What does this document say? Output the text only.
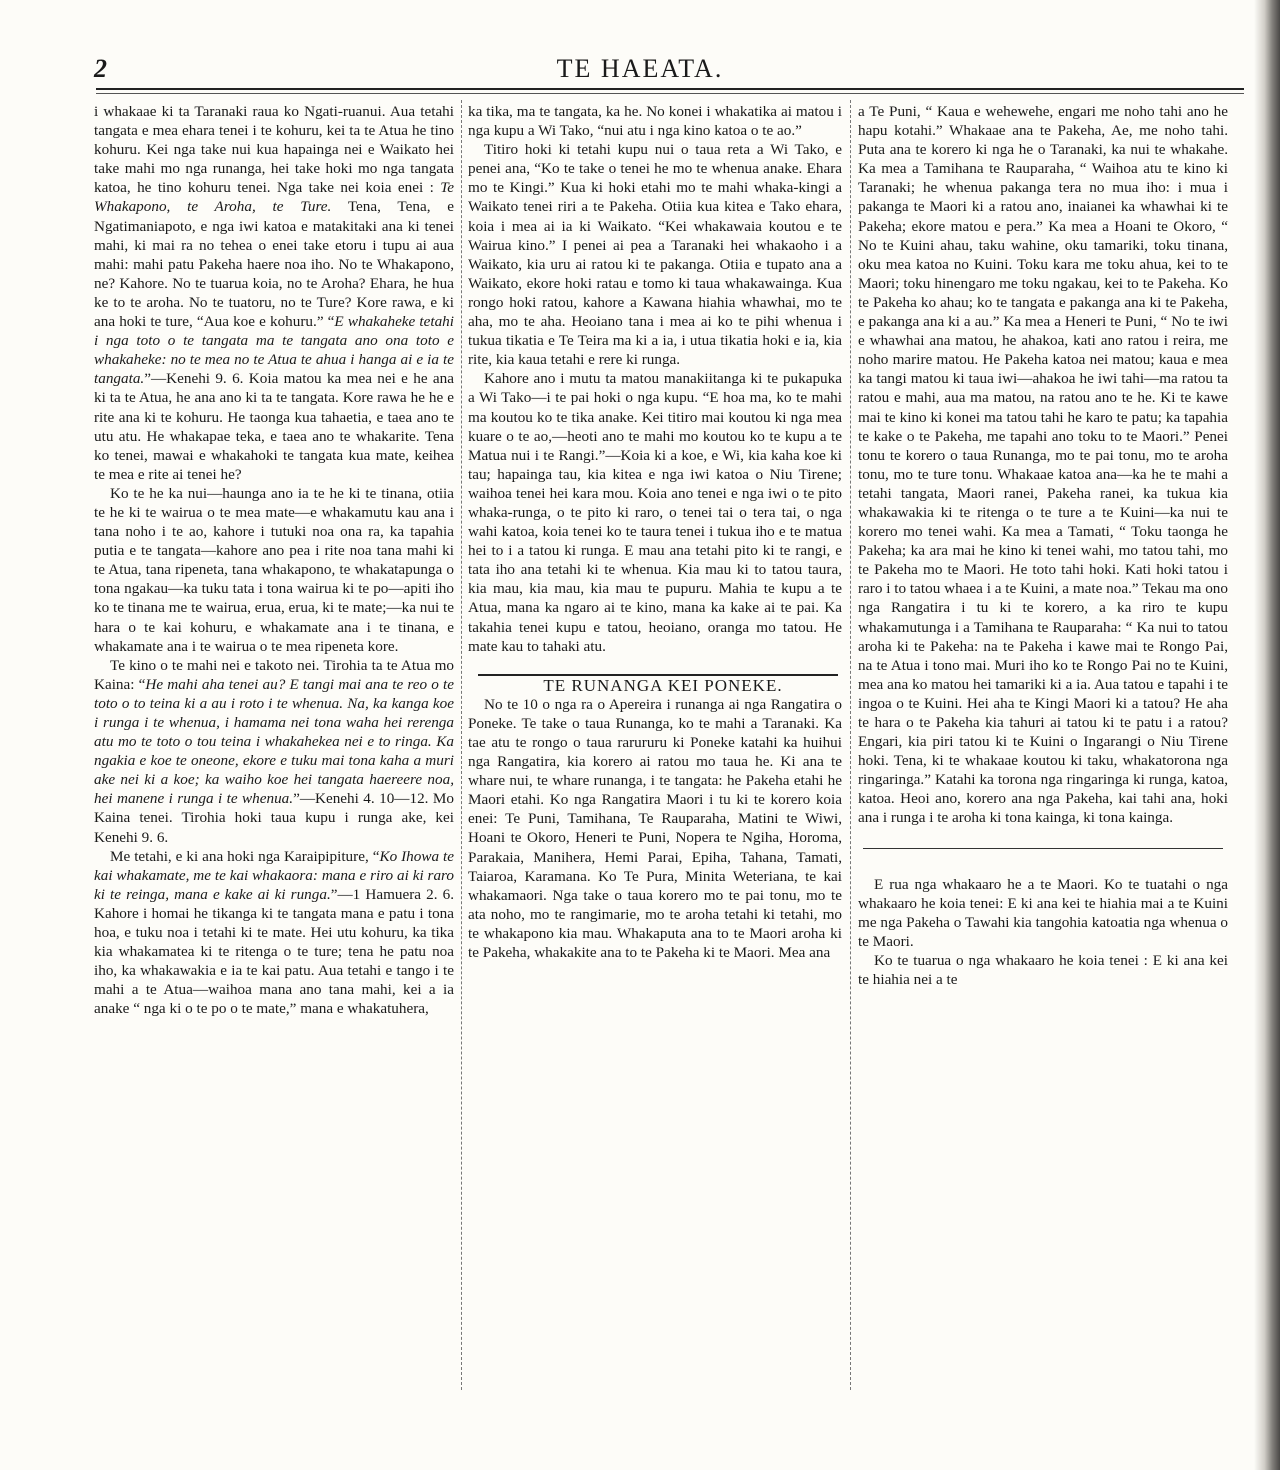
2	TE HAEATA.

i whakaae ki ta Taranaki raua ko Ngati-ruanui. Aua tetahi tangata e mea ehara tenei i te kohuru, kei ta te Atua he tino kohuru. Kei nga take nui kua hapainga nei e Waikato hei take mahi mo nga runanga, hei take hoki mo nga tangata katoa, he tino kohuru tenei. Nga take nei koia enei : Te Whakapono, te Aroha, te Ture. Tena, Tena, e Ngatimaniapoto, e nga iwi katoa e matakitaki ana ki tenei mahi, ki mai ra no tehea o enei take etoru i tupu ai aua mahi: mahi patu Pakeha haere noa iho. No te Whakapono, ne? Kahore. No te tuarua koia, no te Aroha? Ehara, he hua ke to te aroha. No te tuatoru, no te Ture? Kore rawa, e ki ana hoki te ture, “Aua koe e kohuru.” “E whakaheke tetahi i nga toto o te tangata ma te tangata ano ona toto e whakaheke: no te mea no te Atua te ahua i hanga ai e ia te tangata.”—Kenehi 9. 6. Koia matou ka mea nei e he ana ki ta te Atua, he ana ano ki ta te tangata. Kore rawa he he e rite ana ki te kohuru. He taonga kua tahaetia, e taea ano te utu atu. He whakapae teka, e taea ano te whakarite. Tena ko tenei, mawai e whakahoki te tangata kua mate, keihea te mea e rite ai tenei he?

Ko te he ka nui—haunga ano ia te he ki te tinana, otiia te he ki te wairua o te mea mate—e whakamutu kau ana i tana noho i te ao, kahore i tutuki noa ona ra, ka tapahia putia e te tangata—kahore ano pea i rite noa tana mahi ki te Atua, tana ripeneta, tana whakapono, te whakatapunga o tona ngakau—ka tuku tata i tona wairua ki te po—apiti iho ko te tinana me te wairua, erua, erua, ki te mate;—ka nui te hara o te kai kohuru, e whakamate ana i te tinana, e whakamate ana i te wairua o te mea ripeneta kore.

Te kino o te mahi nei e takoto nei. Tirohia ta te Atua mo Kaina: “He mahi aha tenei au? E tangi mai ana te reo o te toto o to teina ki a au i roto i te whenua. Na, ka kanga koe i runga i te whenua, i hamama nei tona waha hei rerenga atu mo te toto o tou teina i whakahekea nei e to ringa. Ka ngakia e koe te oneone, ekore e tuku mai tona kaha a muri ake nei ki a koe; ka waiho koe hei tangata haereere noa, hei manene i runga i te whenua.”—Kenehi 4. 10—12. Mo Kaina tenei. Tirohia hoki taua kupu i runga ake, kei Kenehi 9. 6.

Me tetahi, e ki ana hoki nga Karaipipiture, “Ko Ihowa te kai whakamate, me te kai whakaora: mana e riro ai ki raro ki te reinga, mana e kake ai ki runga.”—1 Hamuera 2. 6. Kahore i homai he tikanga ki te tangata mana e patu i tona hoa, e tuku noa i tetahi ki te mate. Hei utu kohuru, ka tika kia whakamatea ki te ritenga o te ture; tena he patu noa iho, ka whakawakia e ia te kai patu. Aua tetahi e tango i te mahi a te Atua—waihoa mana ano tana mahi, kei a ia anake “ nga ki o te po o te mate,” mana e whakatuhera,

ka tika, ma te tangata, ka he. No konei i whakatika ai matou i nga kupu a Wi Tako, “nui atu i nga kino katoa o te ao.”

Titiro hoki ki tetahi kupu nui o taua reta a Wi Tako, e penei ana, “Ko te take o tenei he mo te whenua anake. Ehara mo te Kingi.” Kua ki hoki etahi mo te mahi whaka-kingi a Waikato tenei riri a te Pakeha. Otiia kua kitea e Tako ehara, koia i mea ai ia ki Waikato. “Kei whakawaia koutou e te Wairua kino.” I penei ai pea a Taranaki hei whakaoho i a Waikato, kia uru ai ratou ki te pakanga. Otiia e tupato ana a Waikato, ekore hoki ratau e tomo ki taua whakawainga. Kua rongo hoki ratou, kahore a Kawana hiahia whawhai, mo te aha, mo te aha. Heoiano tana i mea ai ko te pihi whenua i tukua tikatia e Te Teira ma ki a ia, i utua tikatia hoki e ia, kia rite, kia kaua tetahi e rere ki runga.

Kahore ano i mutu ta matou manakiitanga ki te pukapuka a Wi Tako—i te pai hoki o nga kupu. “E hoa ma, ko te mahi ma koutou ko te tika anake. Kei titiro mai koutou ki nga mea kuare o te ao,—heoti ano te mahi mo koutou ko te kupu a te Matua nui i te Rangi.”—Koia ki a koe, e Wi, kia kaha koe ki tau; hapainga tau, kia kitea e nga iwi katoa o Niu Tirene; waihoa tenei hei kara mou. Koia ano tenei e nga iwi o te pito whaka-runga, o te pito ki raro, o tenei tai o tera tai, o nga wahi katoa, koia tenei ko te taura tenei i tukua iho e te matua hei to i a tatou ki runga. E mau ana tetahi pito ki te rangi, e tata iho ana tetahi ki te whenua. Kia mau ki to tatou taura, kia mau, kia mau, kia mau te pupuru. Mahia te kupu a te Atua, mana ka ngaro ai te kino, mana ka kake ai te pai. Ka takahia tenei kupu e tatou, heoiano, oranga mo tatou. He mate kau to tahaki atu.

TE RUNANGA KEI PONEKE.

No te 10 o nga ra o Apereira i runanga ai nga Rangatira o Poneke. Te take o taua Runanga, ko te mahi a Taranaki. Ka tae atu te rongo o taua rarururu ki Poneke katahi ka huihui nga Rangatira, kia korero ai ratou mo taua he. Ki ana te whare nui, te whare runanga, i te tangata: he Pakeha etahi he Maori etahi. Ko nga Rangatira Maori i tu ki te korero koia enei: Te Puni, Tamihana, Te Rauparaha, Matini te Wiwi, Hoani te Okoro, Heneri te Puni, Nopera te Ngiha, Horoma, Parakaia, Manihera, Hemi Parai, Epiha, Tahana, Tamati, Taiaroa, Karamana. Ko Te Pura, Minita Weteriana, te kai whakamaori. Nga take o taua korero mo te pai tonu, mo te ata noho, mo te rangimarie, mo te aroha tetahi ki tetahi, mo te whakapono kia mau. Whakaputa ana to te Maori aroha ki te Pakeha, whakakite ana to te Pakeha ki te Maori. Mea ana

a Te Puni, “ Kaua e wehewehe, engari me noho tahi ano he hapu kotahi.” Whakaae ana te Pakeha, Ae, me noho tahi. Puta ana te korero ki nga he o Taranaki, ka nui te whakahe. Ka mea a Tamihana te Rauparaha, “ Waihoa atu te kino ki Taranaki; he whenua pakanga tera no mua iho: i mua i pakanga te Maori ki a ratou ano, inaianei ka whawhai ki te Pakeha; ekore matou e pera.” Ka mea a Hoani te Okoro, “ No te Kuini ahau, taku wahine, oku tamariki, toku tinana, oku mea katoa no Kuini. Toku kara me toku ahua, kei to te Maori; toku hinengaro me toku ngakau, kei to te Pakeha. Ko te Pakeha ko ahau; ko te tangata e pakanga ana ki te Pakeha, e pakanga ana ki a au.” Ka mea a Heneri te Puni, “ No te iwi e whawhai ana matou, he ahakoa, kati ano ratou i reira, me noho marire matou. He Pakeha katoa nei matou; kaua e mea ka tangi matou ki taua iwi—ahakoa he iwi tahi—ma ratou ta ratou e mahi, aua ma matou, na ratou ano te he. Ki te kawe mai te kino ki konei ma tatou tahi he karo te patu; ka tapahia te kake o te Pakeha, me tapahi ano toku to te Maori.” Penei tonu te korero o taua Runanga, mo te pai tonu, mo te aroha tonu, mo te ture tonu. Whakaae katoa ana—ka he te mahi a tetahi tangata, Maori ranei, Pakeha ranei, ka tukua kia whakawakia ki te ritenga o te ture a te Kuini—ka nui te korero mo tenei wahi. Ka mea a Tamati, “ Toku taonga he Pakeha; ka ara mai he kino ki tenei wahi, mo tatou tahi, mo te Pakeha mo te Maori. He toto tahi hoki. Kati hoki tatou i raro i to tatou whaea i a te Kuini, a mate noa.” Tekau ma ono nga Rangatira i tu ki te korero, a ka riro te kupu whakamutunga i a Tamihana te Rauparaha: “ Ka nui to tatou aroha ki te Pakeha: na te Pakeha i kawe mai te Rongo Pai, na te Atua i tono mai. Muri iho ko te Rongo Pai no te Kuini, mea ana ko matou hei tamariki ki a ia. Aua tatou e tapahi i te ingoa o te Kuini. Hei aha te Kingi Maori ki a tatou? He aha te hara o te Pakeha kia tahuri ai tatou ki te patu i a ratou? Engari, kia piri tatou ki te Kuini o Ingarangi o Niu Tirene hoki. Tena, ki te whakaae koutou ki taku, whakatorona nga ringaringa.” Katahi ka torona nga ringaringa ki runga, katoa, katoa. Heoi ano, korero ana nga Pakeha, kai tahi ana, hoki ana i runga i te aroha ki tona kainga, ki tona kainga.

E rua nga whakaaro he a te Maori. Ko te tuatahi o nga whakaaro he koia tenei: E ki ana kei te hiahia mai a te Kuini me nga Pakeha o Tawahi kia tangohia katoatia nga whenua o te Maori.

Ko te tuarua o nga whakaaro he koia tenei : E ki ana kei te hiahia nei a te
